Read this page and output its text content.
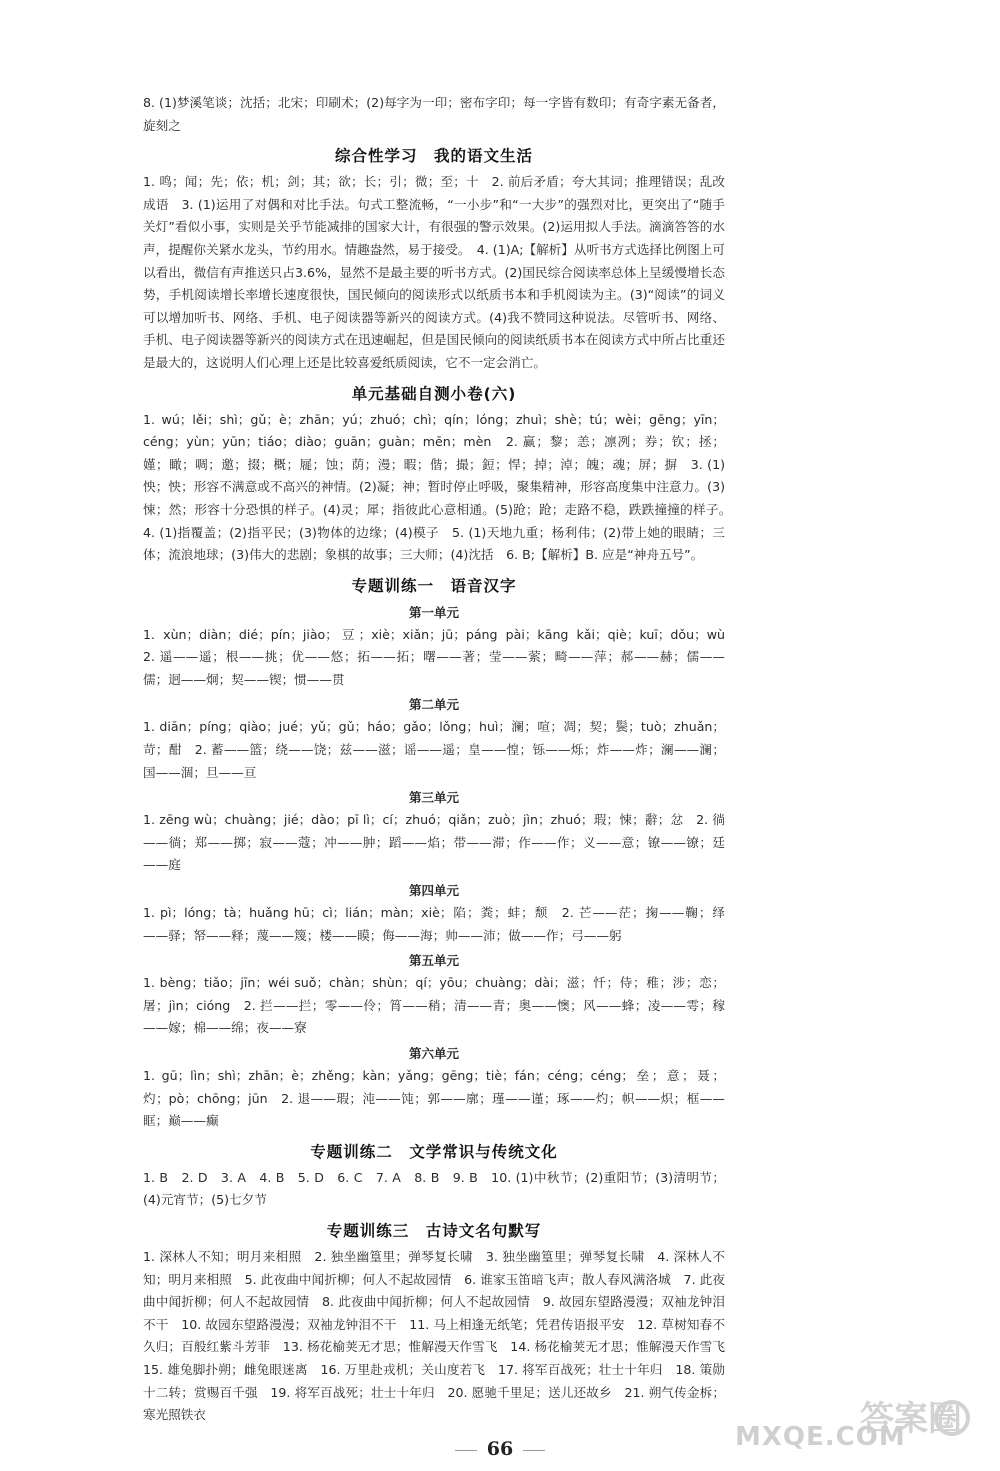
8. (1)梦溪笔谈；沈括；北宋；印刷术；(2)每字为一印；密布字印；每一字皆有数印；有奇字素无备者，旋刻之

综合性学习　我的语文生活

1. 鸣；闻；先；依；机；剑；其；欲；长；引；微；至；十　2. 前后矛盾；夸大其词；推理错误；乱改成语　3. (1)运用了对偶和对比手法。句式工整流畅，“一小步”和“一大步”的强烈对比，更突出了“随手关灯”看似小事，实则是关乎节能减排的国家大计，有很强的警示效果。(2)运用拟人手法。滴滴答答的水声，提醒你关紧水龙头，节约用水。情趣盎然，易于接受。　4. (1)A;【解析】从听书方式选择比例图上可以看出，微信有声推送只占3.6%，显然不是最主要的听书方式。(2)国民综合阅读率总体上呈缓慢增长态势，手机阅读增长率增长速度很快，国民倾向的阅读形式以纸质书本和手机阅读为主。(3)“阅读”的词义可以增加听书、网络、手机、电子阅读器等新兴的阅读方式。(4)我不赞同这种说法。尽管听书、网络、手机、电子阅读器等新兴的阅读方式在迅速崛起，但是国民倾向的阅读纸质书本在阅读方式中所占比重还是最大的，这说明人们心理上还是比较喜爱纸质阅读，它不一定会消亡。

单元基础自测小卷(六)

1. wú；lěi；shì；gǔ；è；zhān；yú；zhuó；chì；qín；lóng；zhuì；shè；tú；wèi；gēng；yīn；céng；yùn；yūn；tiáo；diào；guān；guàn；mēn；mèn　2. 赢；黎；恙；凛冽；券；钦；拯；嫤；瞰；啁；邀；掇；概；屣；蚀；荫；漫；暇；偕；撮；鋀；悍；掉；淖；魄；魂；屏；摒　3. (1)怏；怏；形容不满意或不高兴的神情。(2)凝；神；暂时停止呼吸，聚集精神，形容高度集中注意力。(3)悚；然；形容十分恐惧的样子。(4)灵；犀；指彼此心意相通。(5)跄；跄；走路不稳，跌跌撞撞的样子。　4. (1)指覆盖；(2)指平民；(3)物体的边缘；(4)模子　5. (1)天地九重；杨利伟；(2)带上她的眼睛；三体；流浪地球；(3)伟大的悲剧；象棋的故事；三大师；(4)沈括　6. B;【解析】B. 应是“神舟五号”。

专题训练一　语音汉字
第一单元

1. xùn；diàn；dié；pín；jiào；豆；xiè；xiǎn；jū；páng pài；kāng kǎi；qiè；kuī；dǒu；wù　2. 遥——遥；根——挑；优——悠；拓——拓；曙——著；莹——萦；畸——萍；郝——赫；儒——儒；迥——炯；契——锲；惯——贯

第二单元

1. diān；píng；qiào；jué；yǔ；gǔ；háo；gǎo；lǒng；huì；澜；喧；凋；契；鬓；tuò；zhuǎn；苛；酣　2. 蓄——篮；绕——饶；兹——滋；谣——遥；皇——惶；铄——烁；炸——炸；澜——澜；国——涸；旦——亘

第三单元

1. zēng wù；chuàng；jié；dào；pī lì；cí；zhuó；qiǎn；zuò；jìn；zhuó；瑕；悚；辭；忿　2. 徜——徜；郑——掷；寂——蔻；冲——肿；蹈——焰；带——滞；作——作；义——意；镣——镣；廷——庭

第四单元

1. pì；lóng；tà；huǎng hū；cì；lián；màn；xiè；陷；粪；蚌；颓　2. 芒——茫；掬——鞠；绎——驿；帑——释；蔑——篾；楼——瞙；侮——海；帅——沛；做——作；弓——躬

第五单元

1. bèng；tiǎo；jīn；wéi suǒ；chàn；shùn；qí；yōu；chuàng；dài；滋；忏；侍；稚；涉；恋；屠；jìn；cióng　2. 拦——拦；零——伶；筲——稍；清——青；奥——懊；风——蜂；凌——雩；稼——嫁；棉——绵；夜——寮

第六单元

1. gū；lìn；shì；zhān；è；zhěng；kàn；yǎng；gēng；tiè；fán；céng；céng；垒；意；聂；灼；pò；chōng；jūn　2. 退——瑕；沌——饨；郭——廓；瑾——谨；琢——灼；帜——炽；框——眶；巅——癫

专题训练二　文学常识与传统文化

1. B　2. D　3. A　4. B　5. D　6. C　7. A　8. B　9. B　10. (1)中秋节；(2)重阳节；(3)清明节；(4)元宵节；(5)七夕节

专题训练三　古诗文名句默写

1. 深林人不知；明月来相照　2. 独坐幽篁里；弹琴复长啸　3. 独坐幽篁里；弹琴复长啸　4. 深林人不知；明月来相照　5. 此夜曲中闻折柳；何人不起故园情　6. 谁家玉笛暗飞声；散人春风满洛城　7. 此夜曲中闻折柳；何人不起故园情　8. 此夜曲中闻折柳；何人不起故园情　9. 故园东望路漫漫；双袖龙钟泪不干　10. 故园东望路漫漫；双袖龙钟泪不干　11. 马上相逢无纸笔；凭君传语报平安　12. 草树知春不久归；百般红紫斗芳菲　13. 杨花榆荚无才思；惟解漫天作雪飞　14. 杨花榆荚无才思；惟解漫天作雪飞　15. 雄兔脚扑朔；雌兔眼迷离　16. 万里赴戎机；关山度若飞　17. 将军百战死；壮士十年归　18. 策勋十二转；赏赐百千强　19. 将军百战死；壮士十年归　20. 愿驰千里足；送儿还故乡　21. 朔气传金柝；寒光照铁衣

66
答案圈
MXQE.COM
